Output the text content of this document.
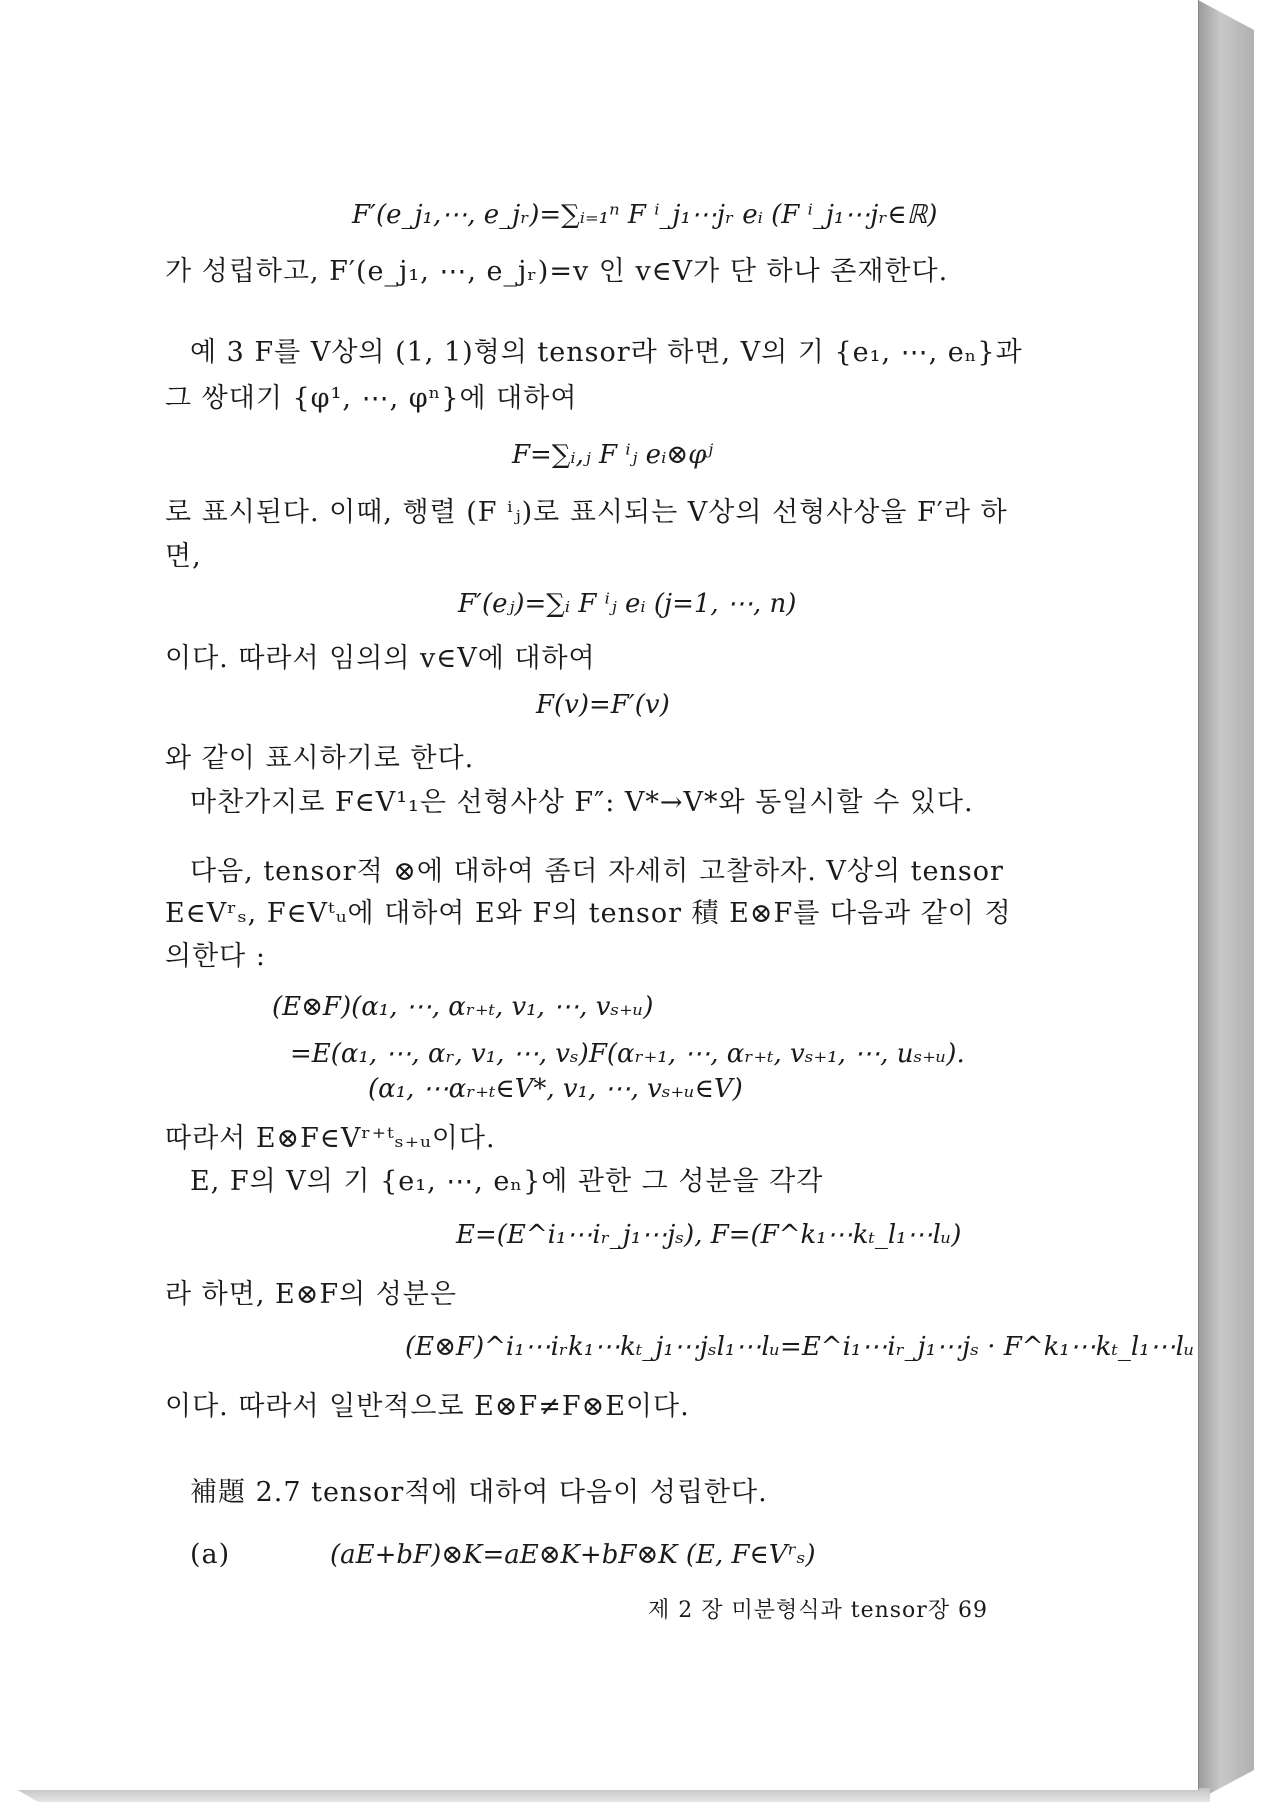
F′(e_j₁,⋯, e_jᵣ)=∑ᵢ₌₁ⁿ F ⁱ_j₁⋯jᵣ eᵢ (F ⁱ_j₁⋯jᵣ∈ℝ)
가 성립하고, F′(e_j₁, ⋯, e_jᵣ)=v 인 v∈V가 단 하나 존재한다.
예 3 F를 V상의 (1, 1)형의 tensor라 하면, V의 기 {e₁, ⋯, eₙ}과
그 쌍대기 {φ¹, ⋯, φⁿ}에 대하여
F=∑ᵢ,ⱼ F ⁱⱼ eᵢ⊗φʲ
로 표시된다. 이때, 행렬 (F ⁱⱼ)로 표시되는 V상의 선형사상을 F′라 하
면,
F′(eⱼ)=∑ᵢ F ⁱⱼ eᵢ (j=1, ⋯, n)
이다. 따라서 임의의 v∈V에 대하여
F(v)=F′(v)
와 같이 표시하기로 한다.
마찬가지로 F∈V¹₁은 선형사상 F″: V*→V*와 동일시할 수 있다.
다음, tensor적 ⊗에 대하여 좀더 자세히 고찰하자. V상의 tensor
E∈Vʳₛ, F∈Vᵗᵤ에 대하여 E와 F의 tensor 積 E⊗F를 다음과 같이 정
의한다 :
(E⊗F)(α₁, ⋯, αᵣ₊ₜ, v₁, ⋯, vₛ₊ᵤ)
=E(α₁, ⋯, αᵣ, v₁, ⋯, vₛ)F(αᵣ₊₁, ⋯, αᵣ₊ₜ, vₛ₊₁, ⋯, uₛ₊ᵤ).
(α₁, ⋯αᵣ₊ₜ∈V*, v₁, ⋯, vₛ₊ᵤ∈V)
따라서 E⊗F∈Vʳ⁺ᵗₛ₊ᵤ이다.
E, F의 V의 기 {e₁, ⋯, eₙ}에 관한 그 성분을 각각
E=(E^i₁⋯iᵣ_j₁⋯jₛ), F=(F^k₁⋯kₜ_l₁⋯lᵤ)
라 하면, E⊗F의 성분은
(E⊗F)^i₁⋯iᵣk₁⋯kₜ_j₁⋯jₛl₁⋯lᵤ=E^i₁⋯iᵣ_j₁⋯jₛ · F^k₁⋯kₜ_l₁⋯lᵤ
이다. 따라서 일반적으로 E⊗F≠F⊗E이다.
補題 2.7 tensor적에 대하여 다음이 성립한다.
(a)	(aE+bF)⊗K=aE⊗K+bF⊗K (E, F∈Vʳₛ)
제 2 장 미분형식과 tensor장 69
